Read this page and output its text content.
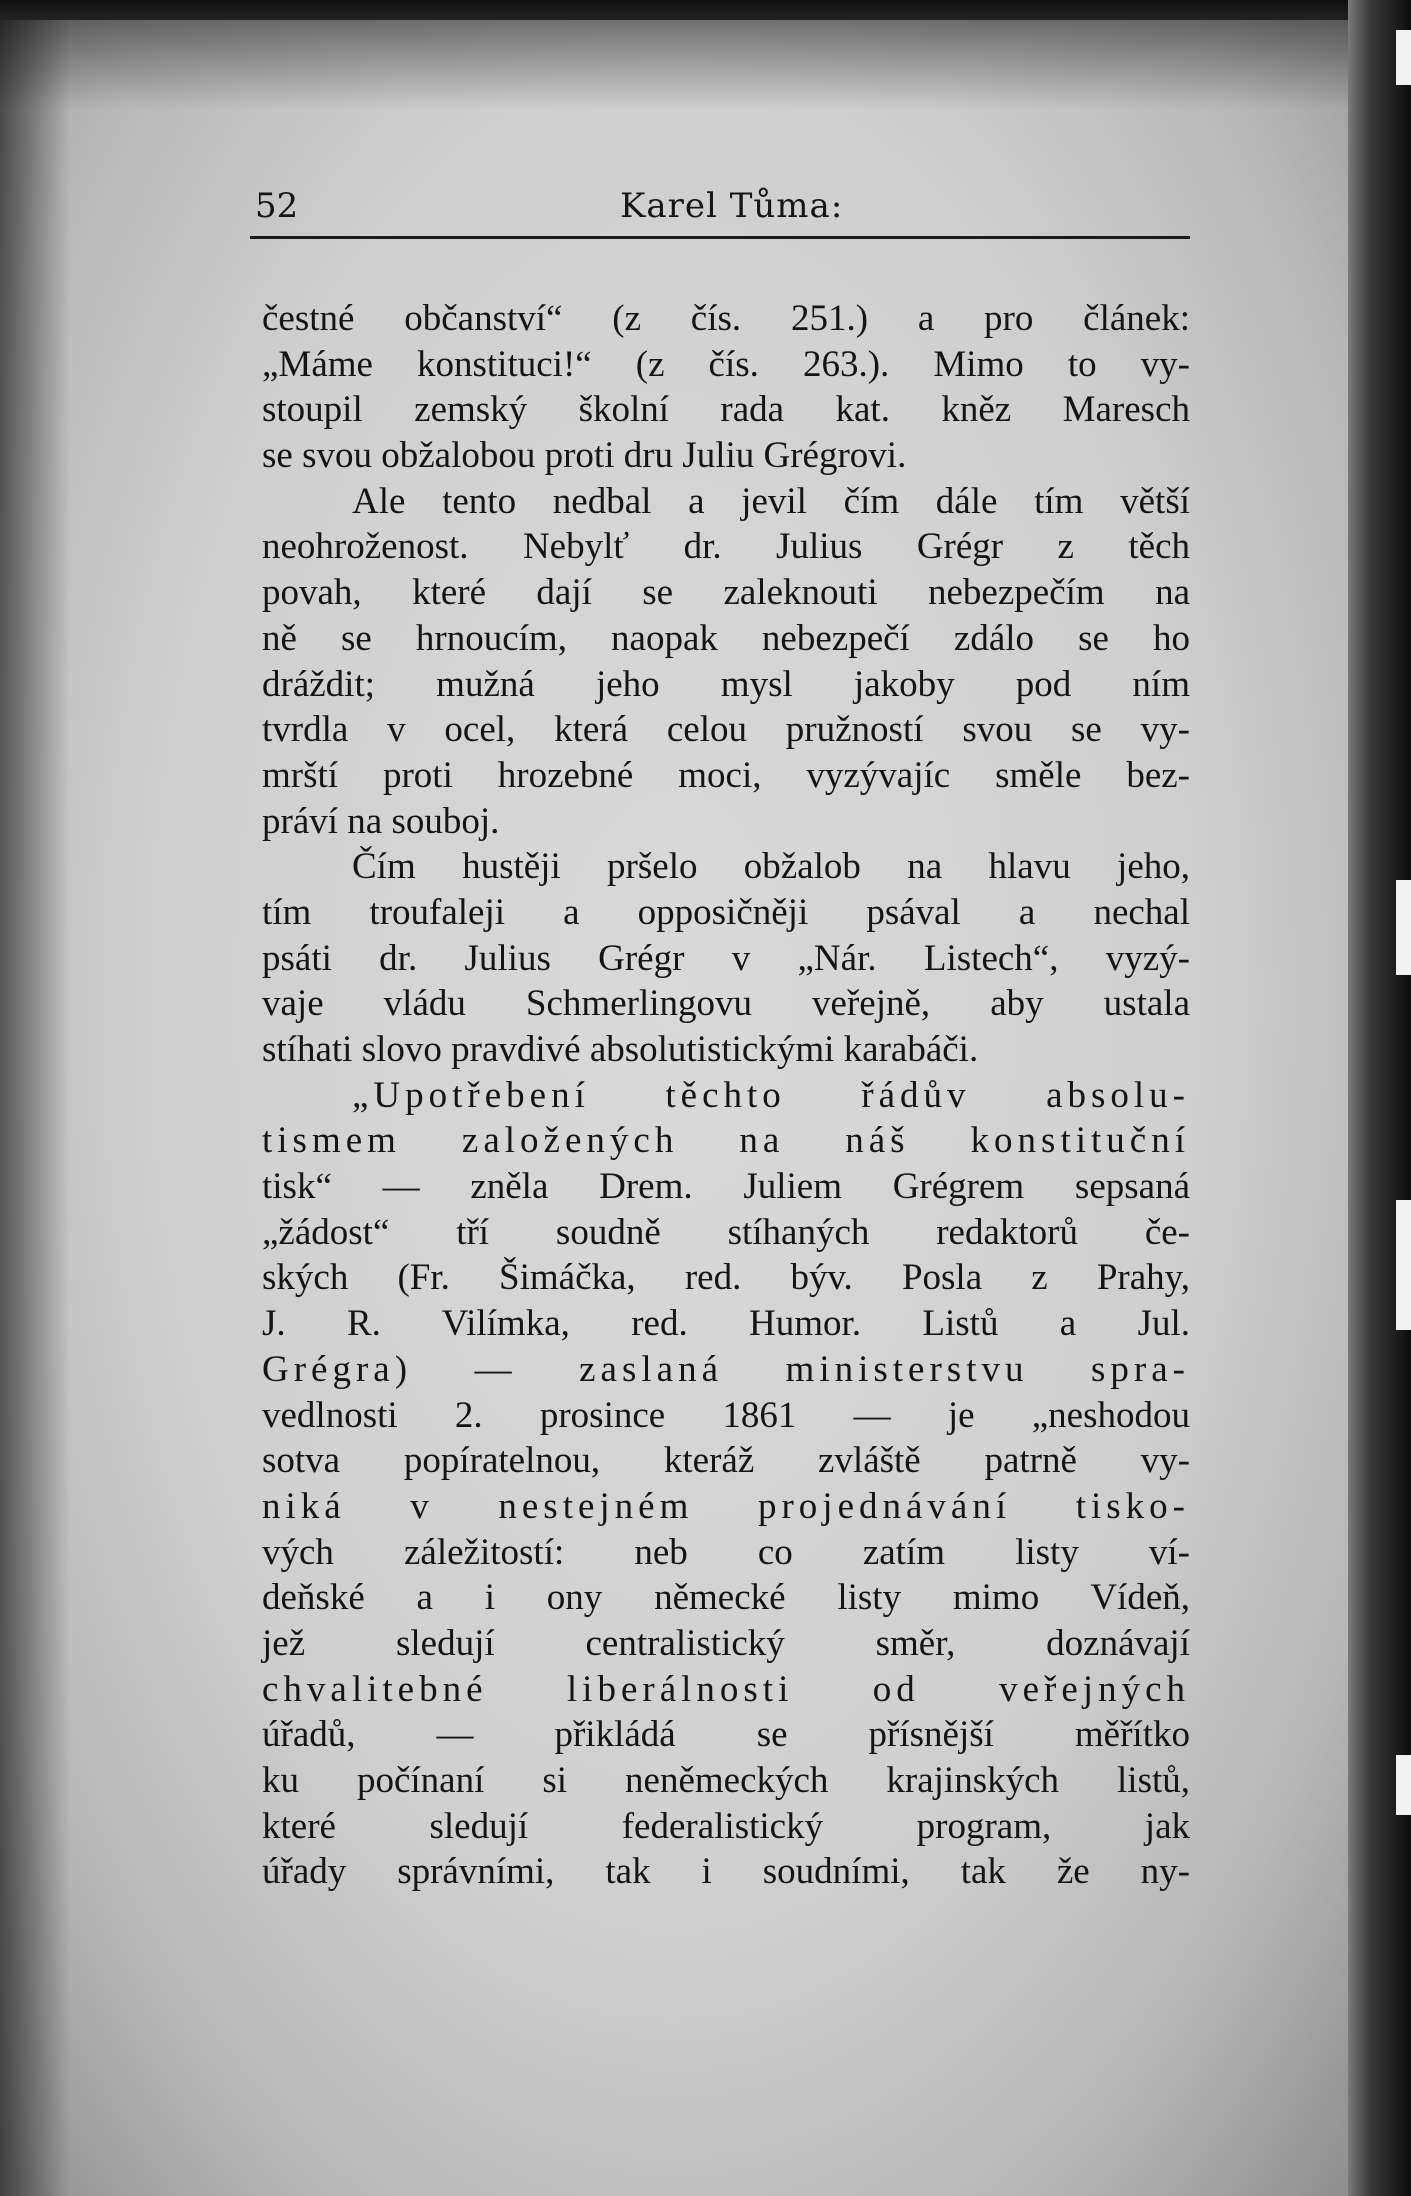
52	Karel Tůma:
čestné občanství“ (z čís. 251.) a pro článek:
„Máme konstituci!“ (z čís. 263.). Mimo to vy-
stoupil zemský školní rada kat. kněz Maresch
se svou obžalobou proti dru Juliu Grégrovi.
Ale tento nedbal a jevil čím dále tím větší
neohroženost. Nebylť dr. Julius Grégr z těch
povah, které dají se zaleknouti nebezpečím na
ně se hrnoucím, naopak nebezpečí zdálo se ho
dráždit; mužná jeho mysl jakoby pod ním
tvrdla v ocel, která celou pružností svou se vy-
mrští proti hrozebné moci, vyzývajíc směle bez-
práví na souboj.
Čím hustěji pršelo obžalob na hlavu jeho,
tím troufaleji a opposičněji psával a nechal
psáti dr. Julius Grégr v „Nár. Listech“, vyzý-
vaje vládu Schmerlingovu veřejně, aby ustala
stíhati slovo pravdivé absolutistickými karabáči.
„Upotřebení těchto řádův absolu-
tismem založených na náš konstituční
tisk“ — zněla Drem. Juliem Grégrem sepsaná
„žádost“ tří soudně stíhaných redaktorů če-
ských (Fr. Šimáčka, red. býv. Posla z Prahy,
J. R. Vilímka, red. Humor. Listů a Jul.
Grégra) — zaslaná ministerstvu spra-
vedlnosti 2. prosince 1861 — je „neshodou
sotva popíratelnou, kteráž zvláště patrně vy-
niká v nestejném projednávání tisko-
vých záležitostí: neb co zatím listy ví-
deňské a i ony německé listy mimo Vídeň,
jež sledují centralistický směr, doznávají
chvalitebné liberálnosti od veřejných
úřadů, — přikládá se přísnější měřítko
ku počínaní si neněmeckých krajinských listů,
které sledují federalistický program, jak
úřady správními, tak i soudními, tak že ny-
